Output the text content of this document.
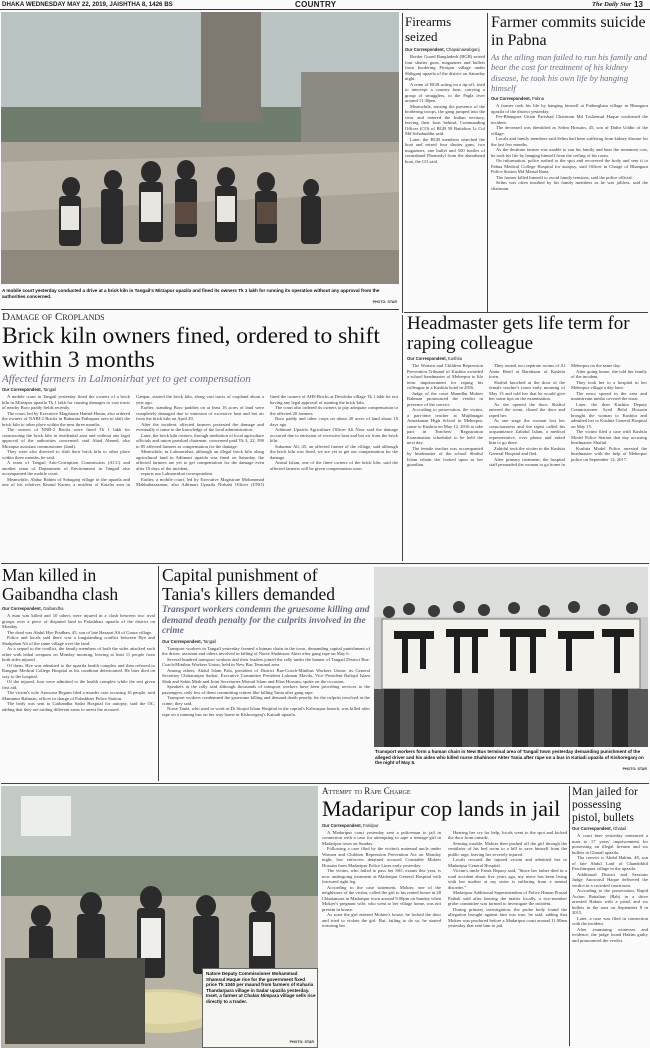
DHAKA WEDNESDAY MAY 22, 2019, JAISHTHA 8, 1426 BS	COUNTRY	The Daily Star 13
A mobile court yesterday conducted a drive at a brick kiln in Tangail's Mirzapur upazila and fined its owners Tk 1 lakh for running its operation without any approval from the authorities concerned.
PHOTO: STAR
Firearms seized
Our Correspondent, Chapainawabganj

Border Guard Bangladesh (BGB) seized four shutter guns, magazines and bullets from bordering Piroipur village under Shibganj upazila of the district on Saturday night.

A team of BGB acting on a tip-off, tried to intercept a country boat, carrying a group of smugglers, to the Pagla river around 11.30pm.

Meanwhile, sensing the presence of the bordering troops, the gang jumped into the river and entered the Indian territory, leaving their boat behind, Commanding Officer (CO) of BGB 59 Battalion Lt Col Md Sohabuddin said.

Later, the BGB members searched the boat and seized four shutter guns, two magazines, one bullet and 500 bottles of contraband Phensedyl from the abandoned boat, the CO said.

Farmer commits suicide in Pabna
As the ailing man failed to run his family and bear the cost for treatment of his kidney disease, he took his own life by hanging himself
Our Correspondent, Pabna

A farmer took his life by hanging himself at Pathurghata village in Bhangura upazila of the district yesterday.

Per-Bhangura Union Parishad Chairman Md Toslaemul Haque confirmed the incident.

The deceased was identified as Selim Hossain, 45, son of Dabir Uddin of the village.

Locals and family members said Selim had been suffering from kidney disease for the last few months.

As the destitute farmer was unable to run his family and bear the treatment cost, he took his life by hanging himself from the ceiling of his room.

On information, police rushed to the spot and recovered the body and sent it to Pabna Medical College Hospital for autopsy, said Officer in Charge of Bhangura Police Station Md Masud Rana.

The farmer killed himself to avoid family tensions, said the police official.

Selim was often insulted by his family members as he was jobless, said the chairman.

Damage of Croplands
Brick kiln owners fined, ordered to shift within 3 months
Affected farmers in Lalmonirhat yet to get compensation
Our Correspondent, Tangail

A mobile court in Tangail yesterday fined the owners of a brick kiln in Mirzapur upazila Tk 1 lakh for causing damages to vast tracts of nearby Boro paddy fields recently.

The court, led by Executive Magistrate Hamid Hasan, also ordered the owners of NABI-2 Bricks in Baharata Pathapara area to shift the brick kiln to other place within the next three months.

The owners of NNB-2 Bricks were fined Tk 1 lakh for constructing the brick kiln in residential area and without any legal approval of the authorities concerned, said Ahad Ahmed, also Mirzapur assistant commissioner (land).

They were also directed to shift their brick kiln to other place within three months, he said.

A team of Tangail Anti-Corruption Commission (ACC) and another team of Department of Environment in Tangail also accompanied the mobile court.

Meanwhile, Abdur Rahim of Sobaganj village in the upazila and one of his relatives Rezaul Karim, a resident of Katalia area in Ganpur, started the brick kiln, along vast tracts of cropland about a year ago.

Earlier, standing Boro paddies on at least 16 acres of land were completely damaged due to emission of excessive heat and hot air from the brick kiln on April 29.

After the incident, affected farmers protested the damage and eventually it came to the knowledge of the local administration.

Later, the brick kiln owners, through mediation of local agriculture officials and union parishad chairman, concerned paid Tk 3, 22, 390 to 85 affected farmers as compensation for the damage.

Meanwhile, in Lalmonirhat, although an illegal brick kiln along agricultural land in Aditmari upazila was fined on Saturday, the affected farmers are yet to get compensation for the damage even after 10 days of the incident,

reports our Lalmonirhat correspondent.

Earlier, a mobile court, led by Executive Magistrate Mohammad Mahbubazzaman, also Aditmari Upazila Nirbahi Officer (UNO) fined the owners of AHS Bricks at Dewdoba village Tk 1 lakh for not having any legal approval of running the brick kiln.

The court also ordered its owners to pay adequate compensation to the affected 20 farmers.

Boro paddy and other crops on about 20 acres of land about 10 days ago.

Aditmari Upazila Agriculture Officer Ali Noor said the damage occurred due to emission of excessive heat and hot air from the brick kiln.

Sukumar Ali, 45, an affected farmer of the village, said although the brick kiln was fined, we are yet to get our compensation for the damage.

Anisul Islam, one of the three owners of the brick kiln, said the affected farmers will be given compensation soon.

Headmaster gets life term for raping colleague
Our Correspondent, Kushtia

The Women and Children Repression Prevention Tribunal of Kushtia awarded a school headmaster of Meherpur to life term imprisonment for raping his colleague in a Kushtia hotel in 2016.

Judge of the court Mamdhu Mokter Rahman pronounced the verdict in presence of the convict.

According to prosecution, the victim, a part-time teacher at Mujibnagar Amrakanan High School in Meherpur, came to Kushtia on May 12, 2016 to take part in Teachers' Registration Examination scheduled to be held the next day.

The female teacher was accompanied by headmaster of the school Shafiul Islam whom she looked upon as her guardian.

They rented two separate rooms of Al Amin Hotel at Barabazar of Kushtia town.

Shafiul knocked at the door of the female teacher's room early morning of May 13 and told her that he would give her some tips on the examination.

As she opened the door, Shafiul entered the room, closed the door and raped her.

At one stage the woman lost her consciousness and the rapist called his acquaintance Zahidul Islam, a medical representative, over phone and asked him to go there.

Zahidul took the victim to the Kushtia General Hospital and fled.

After primary treatment, the hospital staff persuaded the woman to go home in Meherpur on the same day.

After going home, she told her family of the incident.

They took her to a hospital in her Meherpur village a day later.

The news spread in the area and mainstream media covered the issue.

Later, the then Kushtia Deputy Commissioner Syed Belal Hossain brought the woman to Kushtia and admitted her to Kushtia General Hospital on May 15.

The victim filed a case with Kushtia Model Police Station that day accusing headmaster Shafiul.

Kushtia Model Police arrested the headmaster with the help of Meherpur police on September 13, 2017.

Man killed in Gaibandha clash
Our Correspondent, Gaibandha

A man was killed and 10 others were injured in a clash between two rival groups over a piece of disputed land in Palashbari upazila of the district on Monday.

The dead was Abdul Hye Pradhan, 45, son of late Hazarat Ali of Gaura village.

Police and locals said there was a longstanding conflict between Hye and Shahjahan Ali of the same village over the land.

As a sequel to the conflict, the family members of both the sides attacked each other with lethal weapons on Monday morning, leaving at least 11 people from both sides injured.

Of them, Hye was admitted to the upazila health complex and then referred to Rangpur Medical College Hospital as his condition deteriorated. He later died on way to the hospital.

Of the injured, four were admitted to the health complex while the rest given first aid.

The victim's wife Anowara Begum filed a murder case accusing 16 people, said Mamunur Rahman, officer in charge of Palashbari Police Station.

The body was sent to Gaibandha Sadar Hospital for autopsy, said the OC, adding that they are raiding different areas to arrest the accused.

Capital punishment of Tania's killers demanded
Transport workers condemn the gruesome killing and demand death penalty for the culprits involved in the crime
Our Correspondent, Tangail

Transport workers in Tangail yesterday formed a human chain in the town, demanding capital punishment of the driver, assistant and others involved in killing of Nurse Shahinoor Akter after gang rape on May 6.

Several hundred transport workers and their leaders joined the rally under the banner of Tangail District Bus-Coach-Minibus Workers Union, held in New Bus Terminal area.

Among others, Abdul Islam Pala, president of District Bus-Coach-Minibus Workers Union; its General Secretary Chittaranjan Sarkar, Executive Committee President Lokman Mavila, Vice President Rafiqul Islam Shah and Sahin Miah and Joint Secretaries Moinul Islam and Elias Hossain, spoke on the occasion.

Speakers at the rally said although thousands of transport workers have been providing services to the passengers, only few of them committing crimes like killing Tania after gang rape.

Transport workers condemned the gruesome killing and demand death penalty for the culprits involved in the crime, they said.

Nurse Tania, who used to work at Dr Sirajul Islam Hospital in the capital's Kalwarpar branch, was killed after rape on a running bus on her way home in Kishoreganj's Katiadi upazila.

Transport workers form a human chain in New Bus terminal area of Tangail town yesterday demanding punishment of the alleged driver and his aides who killed nurse Shahinoor Akter Tania after rape on a bus in Katiadi upazila of Kishoreganj on the night of May 6.
PHOTO: STAR
Natore Deputy Commissioner Mohammad Shamsul Haque rice for the government fixed price Tk 1040 per maund from farmers of Kaharia Thandarpara village in Sadar upazila yesterday. Inset, a farmer at Chalan Nimpara village sells rice directly to a trader.
PHOTO: STAR
Attempt to Rape Charge
Madaripur cop lands in jail
Our Correspondent, Faridpur

A Madaripur court yesterday sent a policeman to jail in connection with a case for attempting to rape a teenage girl in Madaripur town on Sunday.

Following a case filed by the victim's maternal uncle under Women and Children Repression Prevention Act on Monday night, law enforcers detained accused Constable Mokter Hossain from Madaripur Police Lines early yesterday.

The victim, who failed to pass her SSC exams this year, is now undergoing treatment at Madaripur General Hospital with fractured right leg.

According to the case statement, Mokter, one of the neighbours of the victim, called the girl to his rented house in 28 Chhatamora in Madaripur town around 9.00pm on Sunday when Mokter's pregnant wife, who went to her village home, was not present in house.

As soon the girl entered Mokter's house, he locked the door and tried to violate the girl. But, failing to do so, he started torturing her.

Hearing her cry for help, locals went to the spot and kicked the door from outside.

Sensing trouble, Mokter then pushed off the girl through the ventilator of his bed room to a hill to save himself from the public rage, leaving her severely injured.

Locals rescued the injured victim and admitted her to Madaripur General Hospital.

Victim's uncle Faruk Bepary said, "Since her father died in a road accident about five years ago, my niece has been living with her mother at my sister is suffering from a mental disorder."

Madaripur Additional Superintendent of Police Himan Prasad Pathak said after hearing the matter locally, a two-member probe committee was formed to investigate the incident.

During primary investigation, the probe body found the allegation brought against him was true, he said, adding that Mokter was produced before a Madaripur court around 11.00am yesterday that sent him to jail.

Man jailed for possessing pistol, bullets
Our Correspondent, Ghatail

A court here yesterday sentenced a man to 17 years' imprisonment for possessing an illegal firearm and six bullets in Ghatail upazila.

The convict is Abdul Hakim, 48, son of late Abdul Latif of Chandokhil Paschimpara village in the upazila.

Additional District and Sessions Judge Anowarul Haque delivered the verdict in a crowded courtroom.

According to the prosecution, Rapid Action Battalion (Rab) in a drive arrested Hakim with a pistol and six bullets in the area on September 8 in 2015.

Later, a case was filed in connection with the incident.

After examining witnesses and evidence, the judge found Hakim guilty and pronounced the verdict.
